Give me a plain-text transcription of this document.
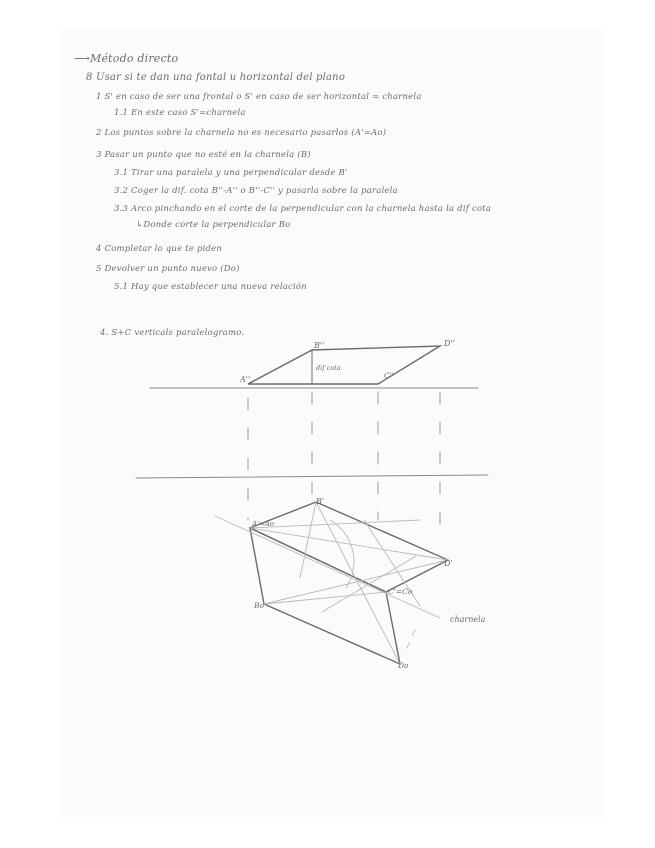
⟶Método directo
8 Usar si te dan una fontal u horizontal del plano
1 S' en caso de ser una frontal o S' en caso de ser horizontal = charnela
1.1 En este caso S'=charnela
2 Los puntos sobre la charnela no es necesario pasarlos (A'=Ao)
3 Pasar un punto que no esté en la charnela (B)
3.1 Tirar una paralela y una perpendicular desde B'
3.2 Coger la dif. cota B''-A'' o B''-C'' y pasarla sobre la paralela
3.3 Arco pinchando en el corte de la perpendicular con la charnela hasta la dif cota
↳Donde corte la perpendicular Bo
4 Completar lo que te piden
5 Devolver un punto nuevo (Do)
5.1 Hay que establecer una nueva relación
4. S+C verticals paralelogramo.
A''
B''
C''
D''
dif cota
A'=Ao
B'
D'
C'=Co
Bo
Do
charnela
